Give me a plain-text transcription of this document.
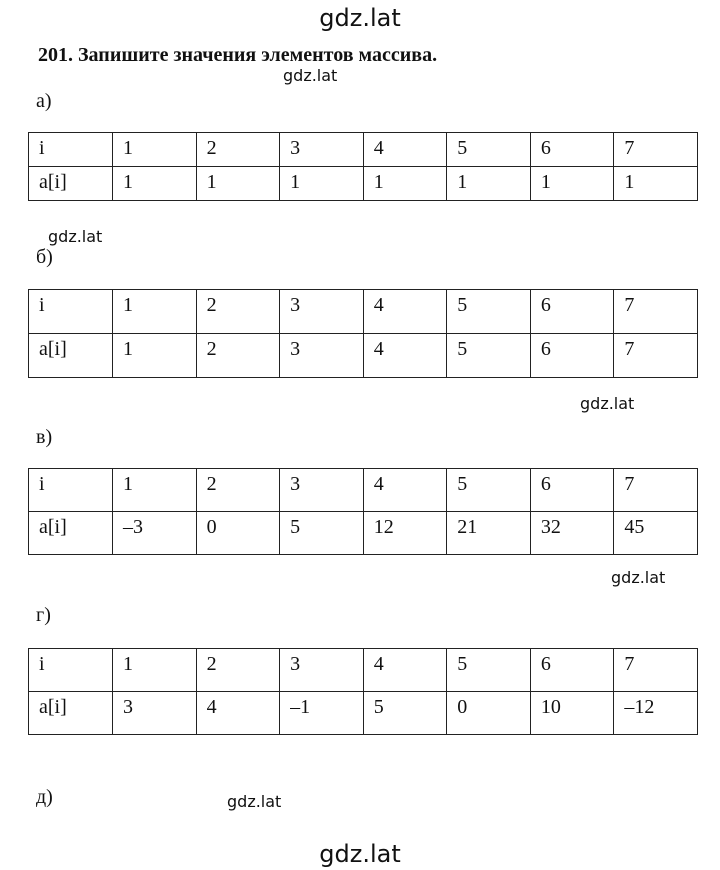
gdz.lat
gdz.lat
gdz.lat
gdz.lat
gdz.lat
gdz.lat
gdz.lat
201. Запишите значения элементов массива.
а)
i	1	2	3	4	5	6	7
a[i]	1	1	1	1	1	1	1
б)
i	1	2	3	4	5	6	7
a[i]	1	2	3	4	5	6	7
в)
i	1	2	3	4	5	6	7
a[i]	–3	0	5	12	21	32	45
г)
i	1	2	3	4	5	6	7
a[i]	3	4	–1	5	0	10	–12
д)
